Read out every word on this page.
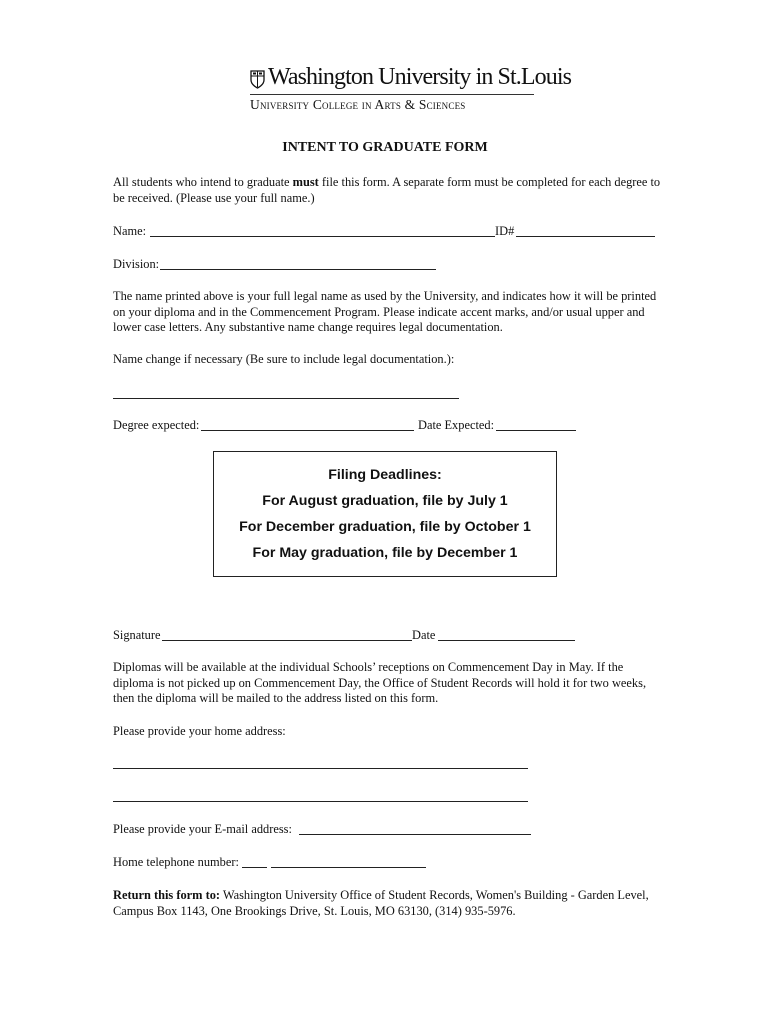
Washington University in St.Louis
University College in Arts & Sciences
INTENT TO GRADUATE FORM
All students who intend to graduate must file this form. A separate form must be completed for each degree to be received. (Please use your full name.)
Name:	ID#
Division:
The name printed above is your full legal name as used by the University, and indicates how it will be printed on your diploma and in the Commencement Program. Please indicate accent marks, and/or usual upper and lower case letters. Any substantive name change requires legal documentation.
Name change if necessary (Be sure to include legal documentation.):
Degree expected:	Date Expected:
Filing Deadlines:
For August graduation, file by July 1
For December graduation, file by October 1
For May graduation, file by December 1
Signature	Date
Diplomas will be available at the individual Schools’ receptions on Commencement Day in May. If the diploma is not picked up on Commencement Day, the Office of Student Records will hold it for two weeks, then the diploma will be mailed to the address listed on this form.
Please provide your home address:
Please provide your E-mail address:
Home telephone number:
Return this form to: Washington University Office of Student Records, Women's Building - Garden Level, Campus Box 1143, One Brookings Drive, St. Louis, MO 63130, (314) 935-5976.
